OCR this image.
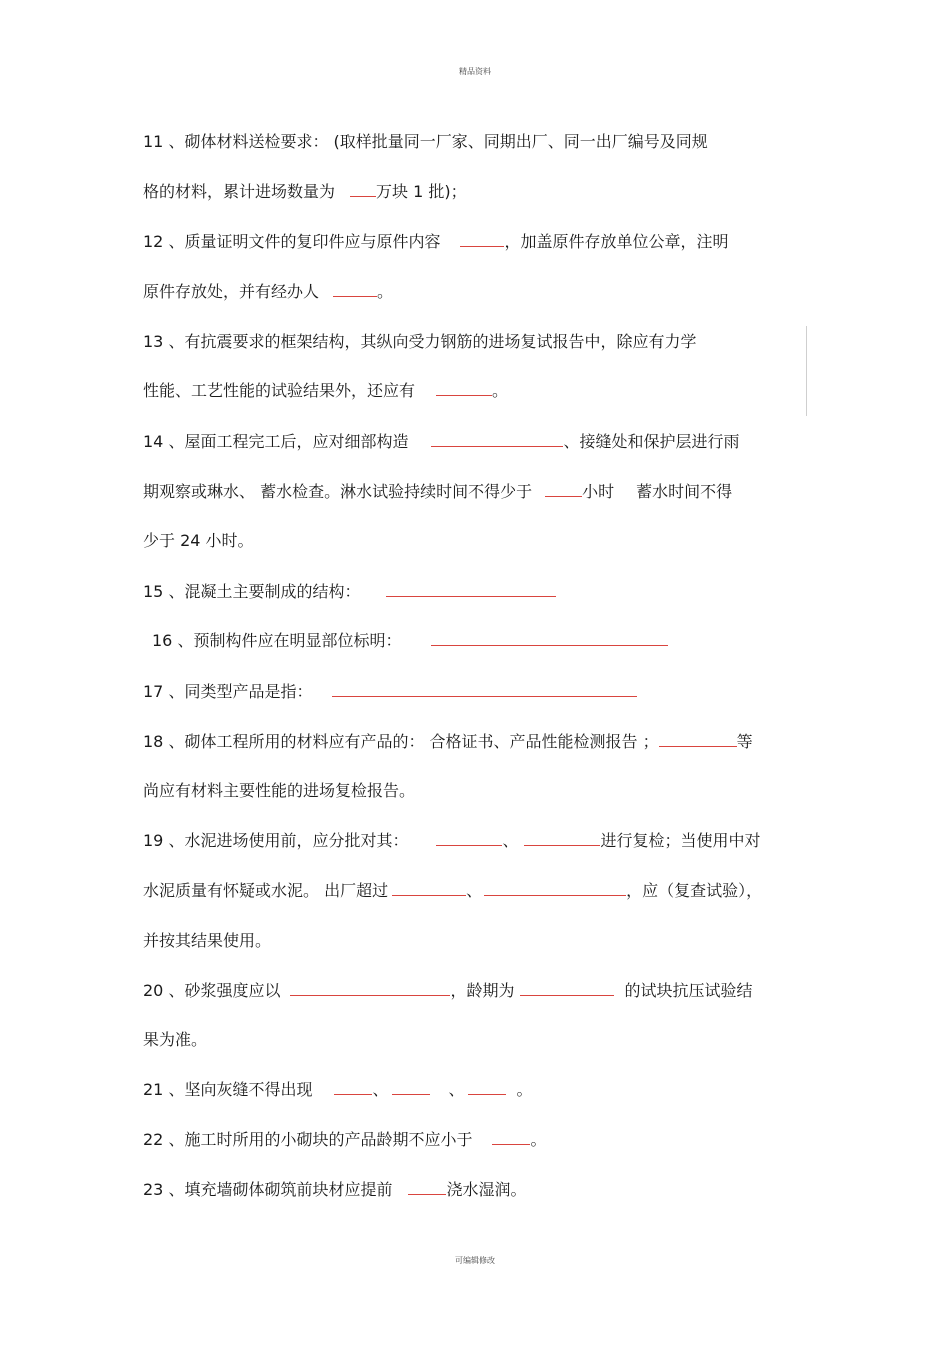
精品资料
11 、砌体材料送检要求： (取样批量同一厂家、同期出厂、同一出厂编号及同规
格的材料，累计进场数量为	万块 1 批)；
12 、质量证明文件的复印件应与原件内容	，加盖原件存放单位公章，注明
原件存放处，并有经办人	。
13 、有抗震要求的框架结构，其纵向受力钢筋的进场复试报告中，除应有力学
性能、工艺性能的试验结果外，还应有	。
14 、屋面工程完工后，应对细部构造	、接缝处和保护层进行雨
期观察或琳水、 蓄水检查。淋水试验持续时间不得少于	小时 蓄水时间不得
少于 24 小时。
15 、混凝土主要制成的结构：
16 、预制构件应在明显部位标明：
17 、同类型产品是指：
18 、砌体工程所用的材料应有产品的： 合格证书、产品性能检测报告 ；	等
尚应有材料主要性能的进场复检报告。
19 、水泥进场使用前，应分批对其：	、	进行复检；当使用中对
水泥质量有怀疑或水泥。 出厂超过	、	，应（复查试验），
并按其结果使用。
20 、砂浆强度应以	，龄期为	的试块抗压试验结
果为准。
21 、坚向灰缝不得出现	、	、	。
22 、施工时所用的小砌块的产品龄期不应小于	。
23 、填充墙砌体砌筑前块材应提前	浇水湿润。
可编辑修改
